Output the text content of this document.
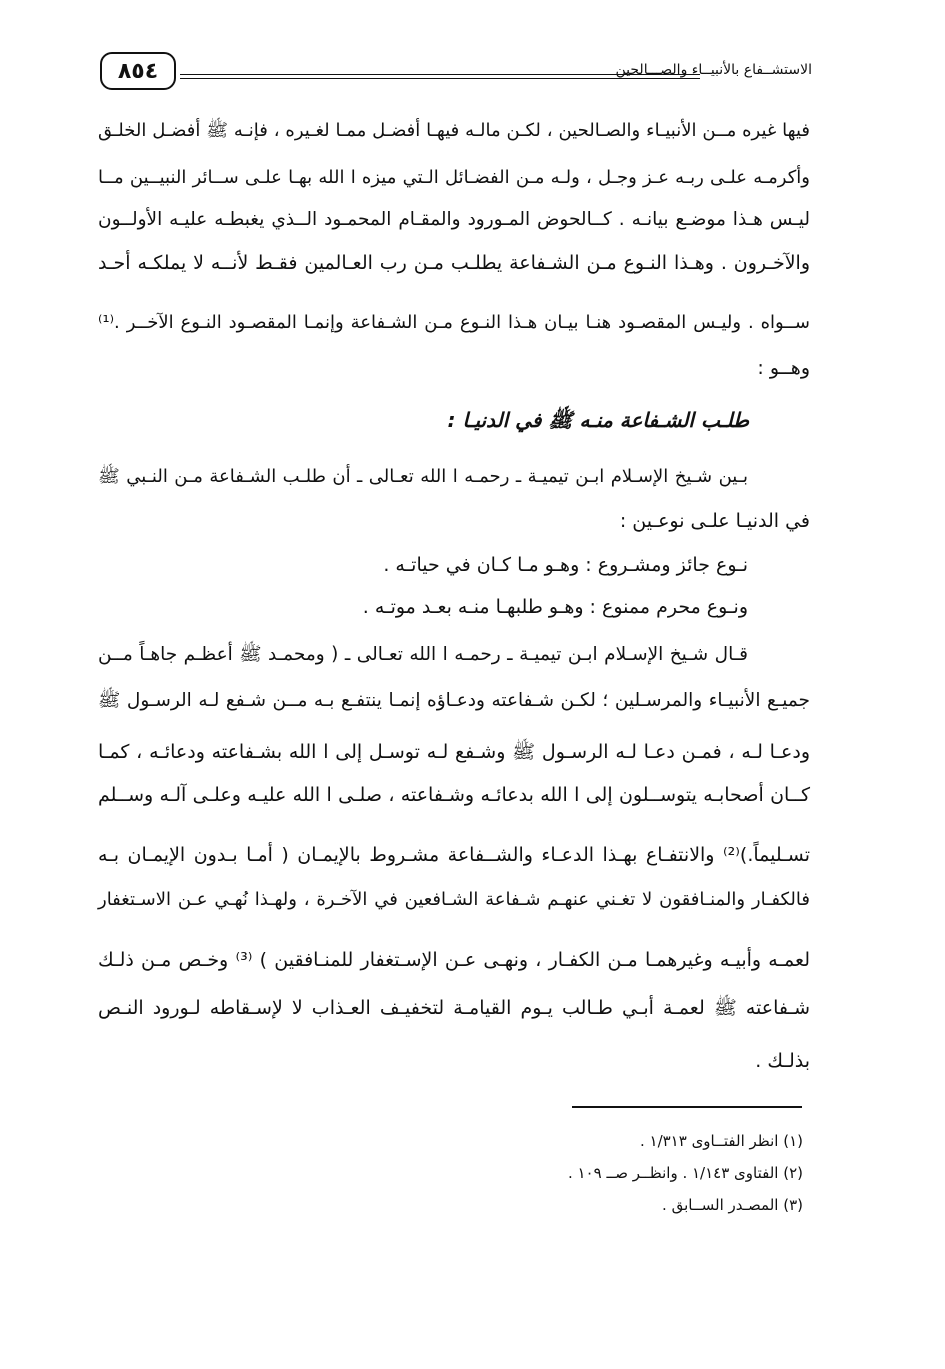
٨٥٤	الاستشــفاع بالأنبيــاء والصـــالحين
فيها غيره مــن الأنبيـاء والصـالحين ، لكـن مالـه فيهـا أفضـل ممـا لغـيره ، فإنـه ﷺ أفضـل الخلـق
وأكرمـه علـى ربـه عـز وجـل ، ولـه مـن الفضـائل الـتي ميزه ا الله بهـا علـى ســائر النبيــين مــا
ليـس هـذا موضـع بيانـه . كــالحوض المـورود والمقـام المحمـود الــذي يغبطـه عليـه الأولــون
والآخـرون . وهـذا النـوع مـن الشـفاعة يطلـب مـن رب العـالمين فقـط لأنــه لا يملكـه أحـد
ســواه . وليـس المقصـود هنـا بيـان هـذا النـوع مـن الشـفاعة وإنمـا المقصـود النـوع الآخــر .⁽¹⁾
وهــو :
طلـب الشـفاعة منـه ﷺ في الدنيـا :
بـين شـيخ الإسـلام ابـن تيميـة ـ رحمـه ا الله تعـالى ـ أن طلـب الشـفاعة مـن النـبي ﷺ
في الدنيـا علـى نوعـين :
نـوع جائز ومشـروع : وهـو مـا كـان في حياتـه .
ونـوع محرم ممنوع : وهـو طلبهـا منـه بعـد موتـه .
قـال شـيخ الإسـلام ابـن تيميـة ـ رحمـه ا الله تعـالى ـ ( ومحمـد ﷺ أعظـم جاهـاً مــن
جميـع الأنبيـاء والمرسـلين ؛ لكـن شـفاعته ودعـاؤه إنمـا ينتفـع بـه مــن شـفع لـه الرسـول ﷺ
ودعـا لـه ، فمـن دعـا لـه الرسـول ﷺ وشـفع لـه توسـل إلى ا الله بشـفاعته ودعائـه ، كمـا
كــان أصحابـه يتوســلون إلى ا الله بدعائـه وشـفاعته ، صلـى ا الله عليـه وعلـى آلـه وســلم
تسـليماً.)⁽²⁾ والانتفـاع بهـذا الدعـاء والشــفاعة مشـروط بالإيمـان ( أمـا بـدون الإيمـان بـه
فالكفـار والمنـافقون لا تغـني عنهـم شـفاعة الشـافعين في الآخـرة ، ولهـذا نُهـي عـن الاسـتغفار
لعمـه وأبيـه وغيرهمـا مـن الكفـار ، ونهـى عـن الإسـتغفار للمنـافقين ) ⁽³⁾ وخـص مـن ذلـك
شـفاعته ﷺ لعمـة أبـي طـالب يـوم القيامـة لتخفيـف العـذاب لا لإسـقاطه لـورود النـص
بذلـك .
(١) انظر الفتــاوى ١/٣١٣ .
(٢) الفتاوى ١/١٤٣ . وانظــر صــ ١٠٩ .
(٣) المصـدر الســابق .
